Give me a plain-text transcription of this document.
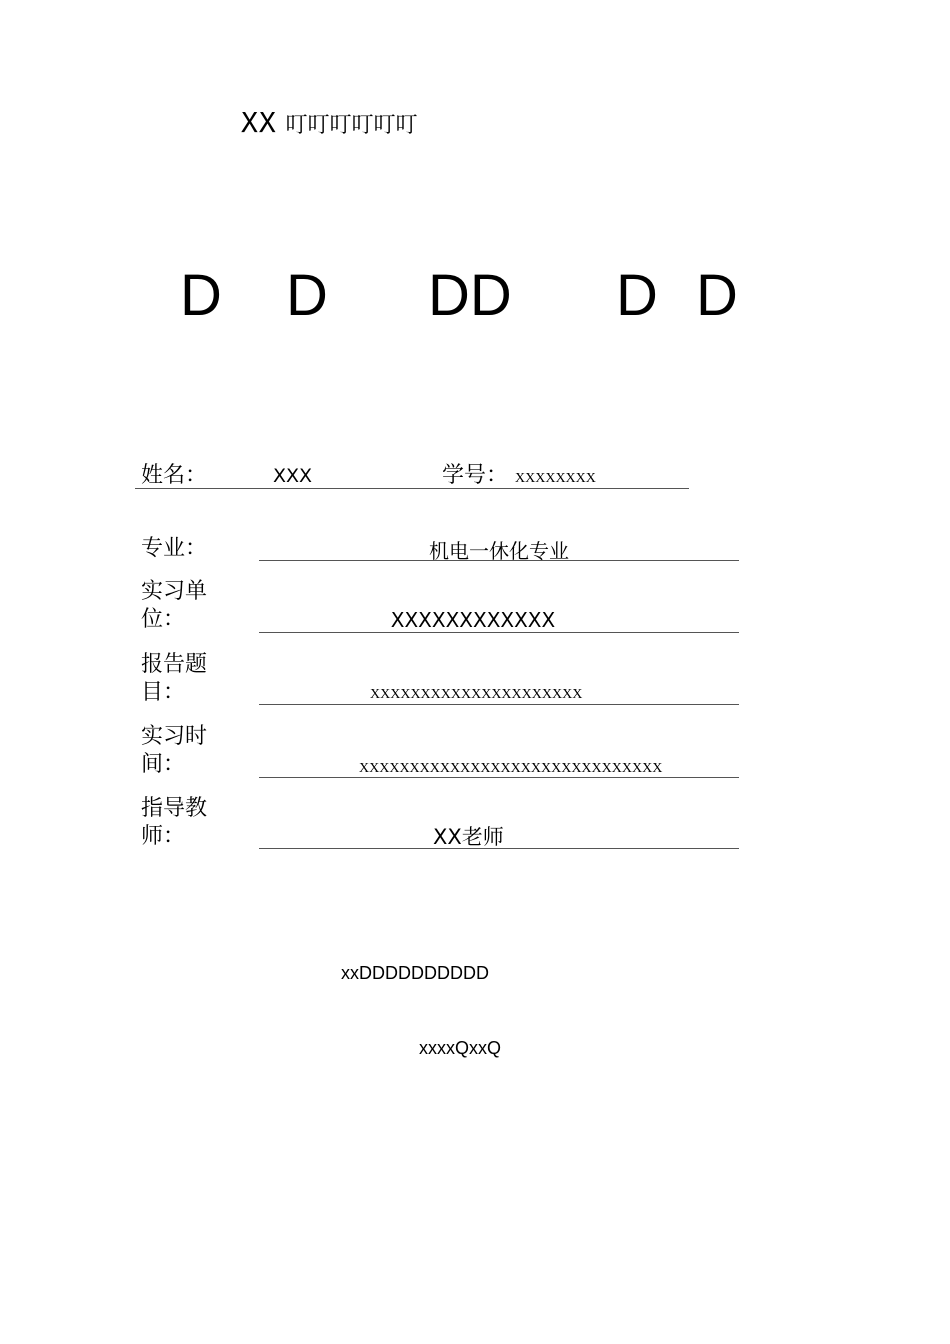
XX 叮叮叮叮叮叮
D D DD D D
姓名：	XXX	学号： XXXXXXXX
专业：	机电一休化专业
实习单
位：	XXXXXXXXXXXX
报告题
目：	XXXXXXXXXXXXXXXXXXXXX
实习时
间：	XXXXXXXXXXXXXXXXXXXXXXXXXXXXXX
指导教
师：	XX老师
xxDDDDDDDDDD
xxxxQxxQ
